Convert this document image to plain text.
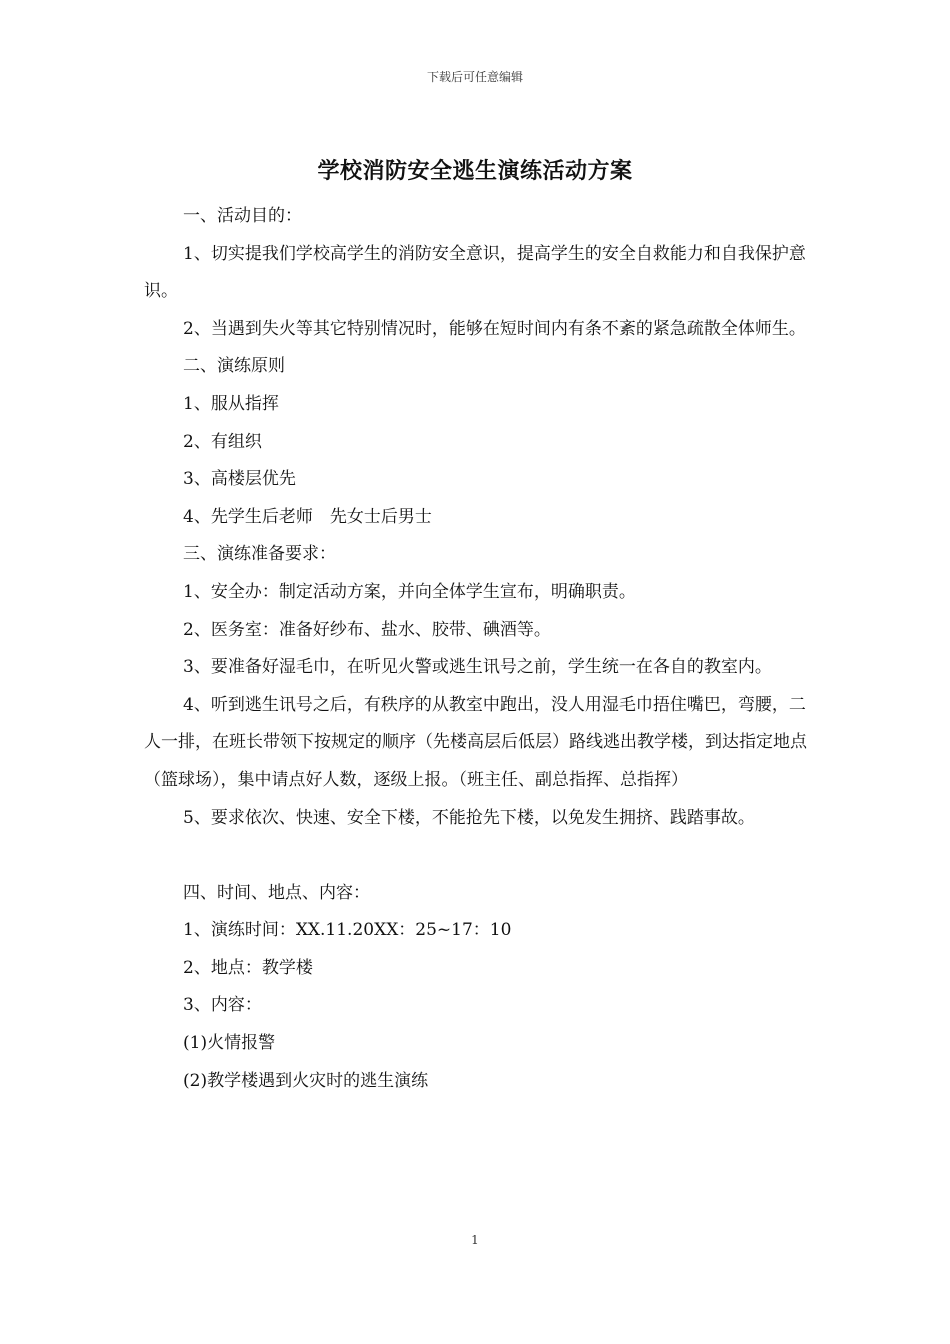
下载后可任意编辑
学校消防安全逃生演练活动方案

一、活动目的：

1、切实提我们学校高学生的消防安全意识，提高学生的安全自救能力和自我保护意识。

2、当遇到失火等其它特别情况时，能够在短时间内有条不紊的紧急疏散全体师生。

二、演练原则

1、服从指挥

2、有组织

3、高楼层优先

4、先学生后老师　先女士后男士

三、演练准备要求：

1、安全办：制定活动方案，并向全体学生宣布，明确职责。

2、医务室：准备好纱布、盐水、胶带、碘酒等。

3、要准备好湿毛巾，在听见火警或逃生讯号之前，学生统一在各自的教室内。

4、听到逃生讯号之后，有秩序的从教室中跑出，没人用湿毛巾捂住嘴巴，弯腰，二人一排，在班长带领下按规定的顺序（先楼高层后低层）路线逃出教学楼，到达指定地点（篮球场），集中请点好人数，逐级上报。（班主任、副总指挥、总指挥）

5、要求依次、快速、安全下楼，不能抢先下楼，以免发生拥挤、践踏事故。

四、时间、地点、内容：

1、演练时间：XX.11.20XX：25~17：10

2、地点：教学楼

3、内容：

(1)火情报警

(2)教学楼遇到火灾时的逃生演练

1
